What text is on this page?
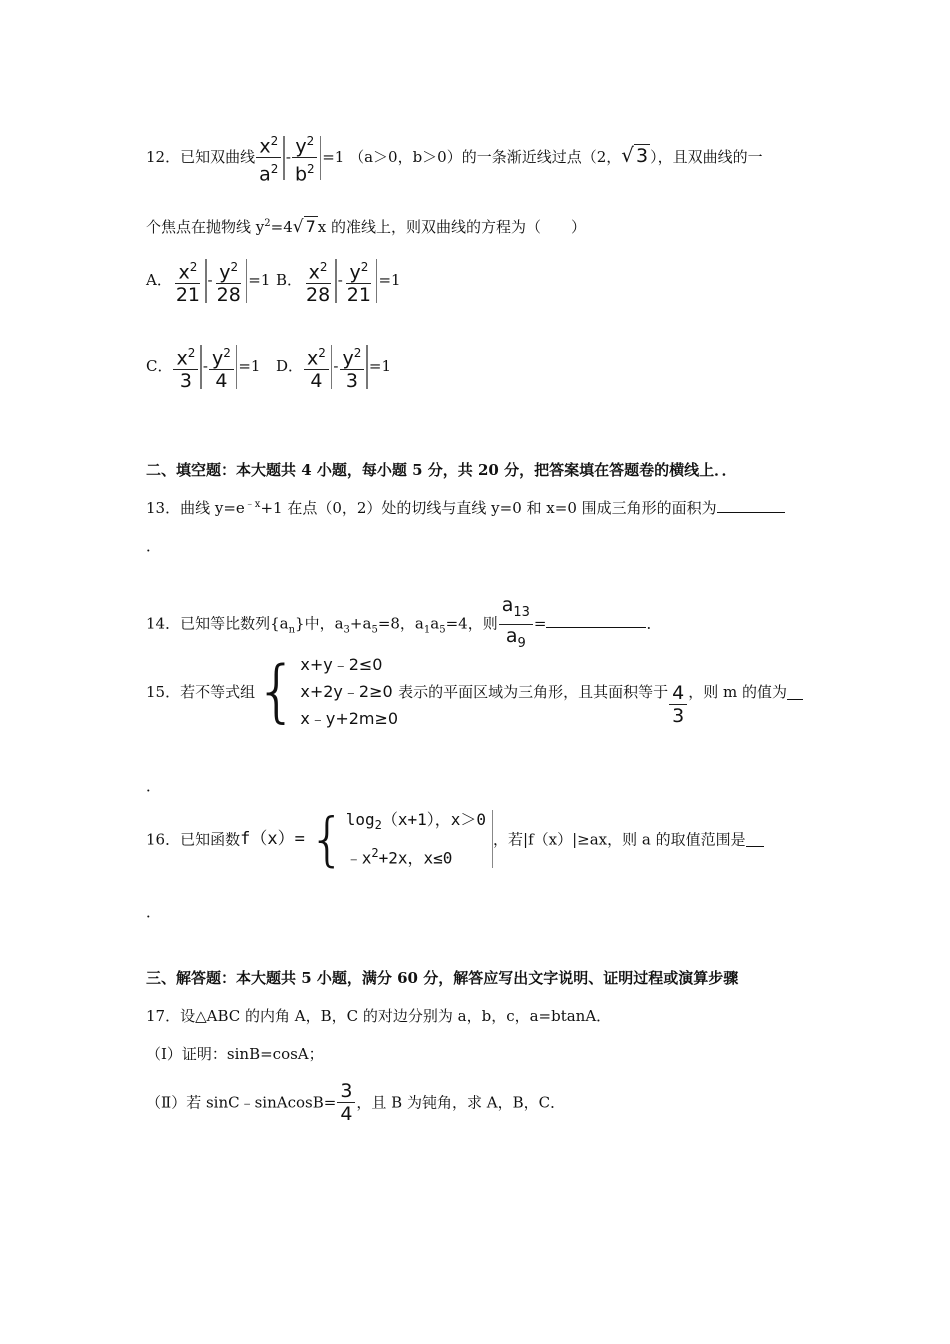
12．已知双曲线 $\frac{x^2}{a^2} - \frac{y^2}{b^2} =1$ （a＞0，b＞0）的一条渐近线过点（2，√ 3 ），且双曲线的一
个焦点在抛物线 $y^2=4√$ 7 x 的准线上，则双曲线的方程为（　　）
A． $\frac{x^2}{21} - \frac{y^2}{28} =1$ B． $\frac{x^2}{28} - \frac{y^2}{21} =1$
C． $\frac{x^2}{3} - \frac{y^2}{4} =1$ D． $\frac{x^2}{4} - \frac{y^2}{3} =1$
二、填空题：本大题共 4 小题，每小题 5 分，共 20 分，把答案填在答题卷的横线上．．
13．曲线 $y=e^{﹣x}+1$ 在点（0，2）处的切线与直线 y=0 和 x=0 围成三角形的面积为
．
14．已知等比数列$\{a_n\}$中，$a_3+a_5=8$，$a_1a_5=4$，则 $\frac{a_{13}}{a_9}$ =	．
15．若不等式组 { x+y﹣2≤0
x+2y﹣2≥0
x﹣y+2m≥0
表示的平面区域为三角形，且其面积等于 $\frac{4}{3}$ ，则 m 的值为
．
16．已知函数 f（x）= { $\log_2(x+1)$，x＞0
$﹣x^2+2x$，x≤0
，若|f（x）|≥ax，则 a 的取值范围是
．
三、解答题：本大题共 5 小题，满分 60 分，解答应写出文字说明、证明过程或演算步骤
17．设△ABC 的内角 A，B，C 的对边分别为 a，b，c，a=btanA．
（Ⅰ）证明：sinB=cosA；
（Ⅱ）若 sinC﹣sinAcosB= $\frac{3}{4}$ ，且 B 为钝角，求 A，B，C．
